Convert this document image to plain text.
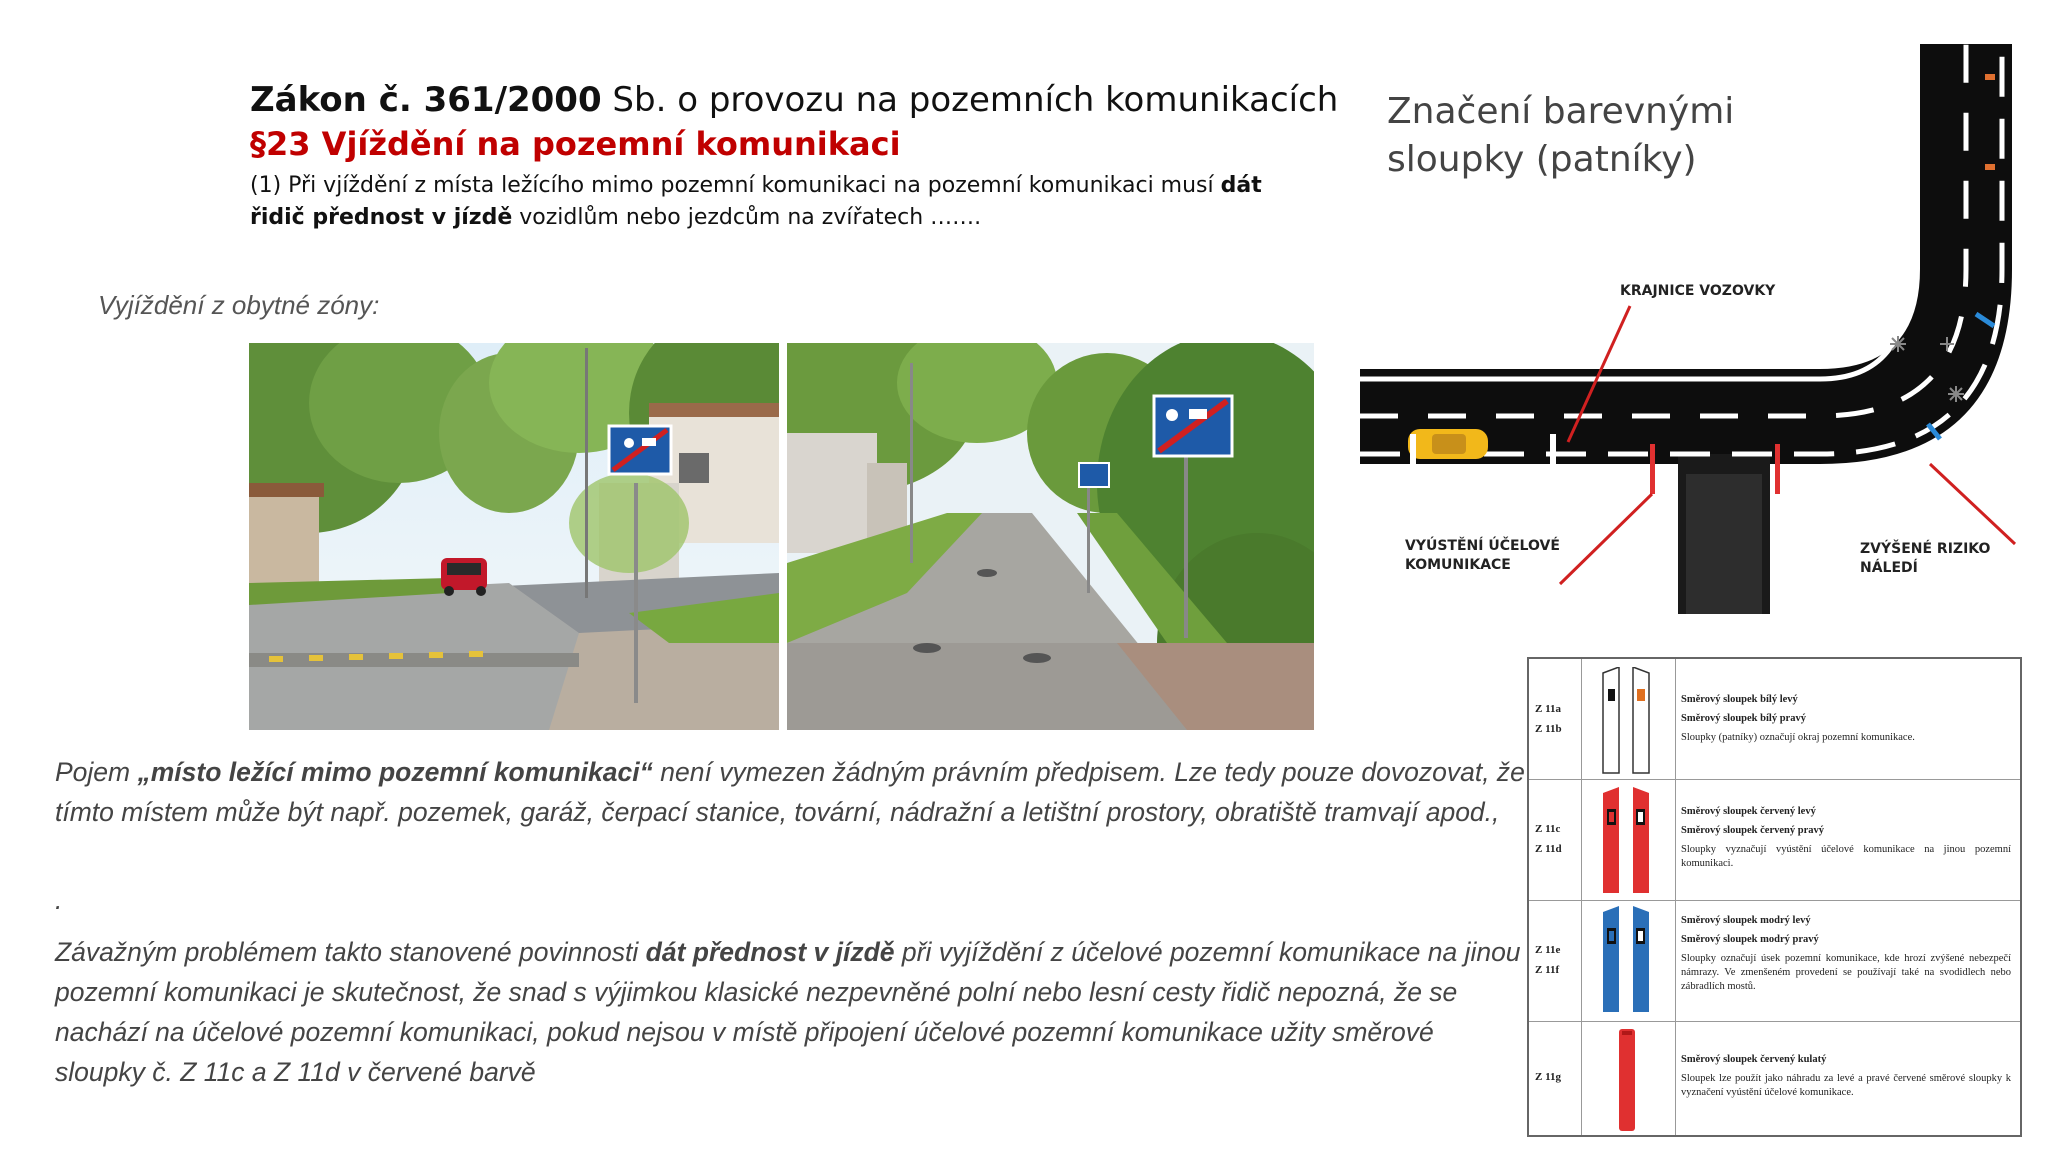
Zákon č. 361/2000 Sb. o provozu na pozemních komunikacích
§23 Vjíždění na pozemní komunikaci
(1) Při vjíždění z místa ležícího mimo pozemní komunikaci na pozemní komunikaci musí dát řidič přednost v jízdě vozidlům nebo jezdcům na zvířatech …….
Vyjíždění z obytné zóny:
Pojem „místo ležící mimo pozemní komunikaci“ není vymezen žádným právním předpisem. Lze tedy pouze dovozovat, že tímto místem může být např. pozemek, garáž, čerpací stanice, tovární, nádražní a letištní prostory, obratiště tramvají apod.,
.
Závažným problémem takto stanovené povinnosti dát přednost v jízdě při vyjíždění z účelové pozemní komunikace na jinou pozemní komunikaci je skutečnost, že snad s výjimkou klasické nezpevněné polní nebo lesní cesty řidič nepozná, že se nachází na účelové pozemní komunikaci, pokud nejsou v místě připojení účelové pozemní komunikace užity směrové sloupky č. Z 11c a Z 11d v červené barvě
Značení barevnými
sloupky (patníky)
KRAJNICE VOZOVKY
VYÚSTĚNÍ ÚČELOVÉ
KOMUNIKACE
ZVÝŠENÉ RIZIKO
NÁLEDÍ
Z 11a
Z 11b
Směrový sloupek bílý levý
Směrový sloupek bílý pravý
Sloupky (patníky) označují okraj pozemní komunikace.
Z 11c
Z 11d
Směrový sloupek červený levý
Směrový sloupek červený pravý
Sloupky vyznačují vyústění účelové komunikace na jinou pozemní komunikaci.
Z 11e
Z 11f
Směrový sloupek modrý levý
Směrový sloupek modrý pravý
Sloupky označují úsek pozemní komunikace, kde hrozí zvýšené nebezpečí námrazy. Ve zmenšeném provedení se používají také na svodidlech nebo zábradlích mostů.
Z 11g
Směrový sloupek červený kulatý
Sloupek lze použít jako náhradu za levé a pravé červené směrové sloupky k vyznačení vyústění účelové komunikace.
